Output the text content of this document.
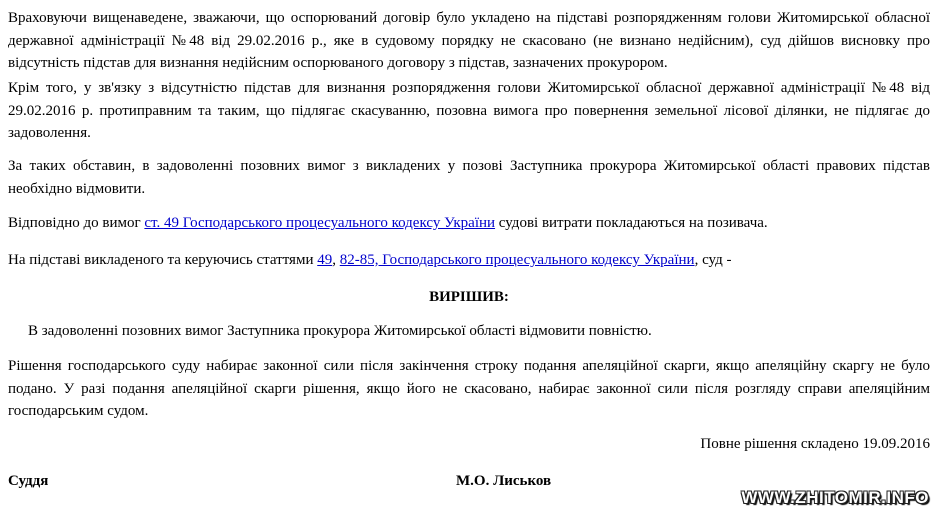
Враховуючи вищенаведене, зважаючи, що оспорюваний договір було укладено на підставі розпорядженням голови Житомирської обласної державної адміністрації №48 від 29.02.2016 р., яке в судовому порядку не скасовано (не визнано недійсним), суд дійшов висновку про відсутність підстав для визнання недійсним оспорюваного договору з підстав, зазначених прокурором.

Крім того, у зв'язку з відсутністю підстав для визнання розпорядження голови Житомирської обласної державної адміністрації №48 від 29.02.2016 р. протиправним та таким, що підлягає скасуванню, позовна вимога про повернення земельної лісової ділянки, не підлягає до задоволення.

За таких обставин, в задоволенні позовних вимог з викладених у позові Заступника прокурора Житомирської області правових підстав необхідно відмовити.

Відповідно до вимог ст. 49 Господарського процесуального кодексу України судові витрати покладаються на позивача.

На підставі викладеного та керуючись статтями 49, 82-85, Господарського процесуального кодексу України, суд -

ВИРІШИВ:

В задоволенні позовних вимог Заступника прокурора Житомирської області відмовити повністю.

Рішення господарського суду набирає законної сили після закінчення строку подання апеляційної скарги, якщо апеляційну скаргу не було подано. У разі подання апеляційної скарги рішення, якщо його не скасовано, набирає законної сили після розгляду справи апеляційним господарським судом.

Повне рішення складено 19.09.2016

Суддя	М.О. Лиськов
WWW.ZHITOMIR.INFO
